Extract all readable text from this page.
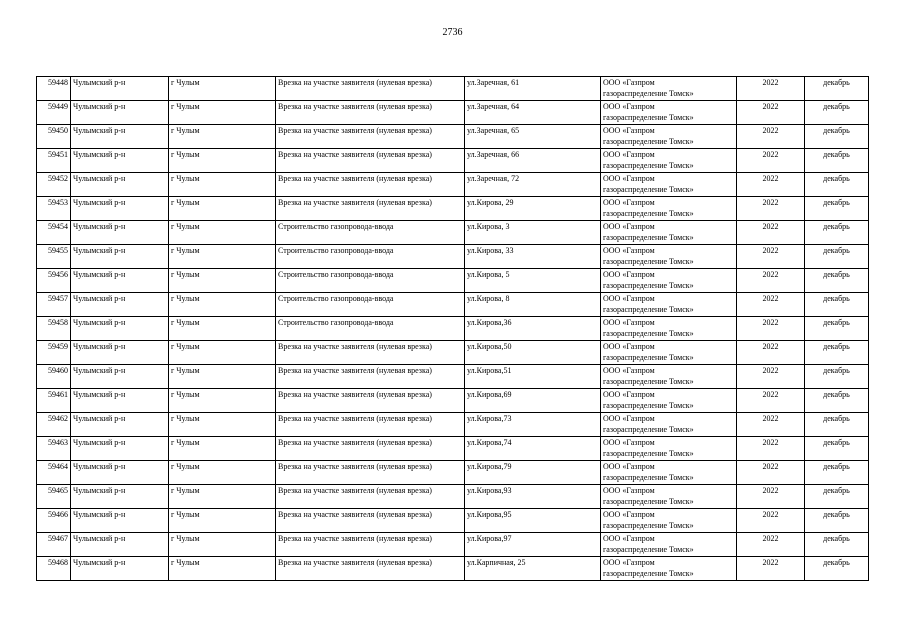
2736
59448	Чулымский р-н	г Чулым	Врезка на участке заявителя (нулевая врезка)	ул.Заречная, 61	ООО «Газпром
газораспределение Томск»	2022	декабрь
59449	Чулымский р-н	г Чулым	Врезка на участке заявителя (нулевая врезка)	ул.Заречная, 64	ООО «Газпром
газораспределение Томск»	2022	декабрь
59450	Чулымский р-н	г Чулым	Врезка на участке заявителя (нулевая врезка)	ул.Заречная, 65	ООО «Газпром
газораспределение Томск»	2022	декабрь
59451	Чулымский р-н	г Чулым	Врезка на участке заявителя (нулевая врезка)	ул.Заречная, 66	ООО «Газпром
газораспределение Томск»	2022	декабрь
59452	Чулымский р-н	г Чулым	Врезка на участке заявителя (нулевая врезка)	ул.Заречная, 72	ООО «Газпром
газораспределение Томск»	2022	декабрь
59453	Чулымский р-н	г Чулым	Врезка на участке заявителя (нулевая врезка)	ул.Кирова, 29	ООО «Газпром
газораспределение Томск»	2022	декабрь
59454	Чулымский р-н	г Чулым	Строительство газопровода-ввода	ул.Кирова, 3	ООО «Газпром
газораспределение Томск»	2022	декабрь
59455	Чулымский р-н	г Чулым	Строительство газопровода-ввода	ул.Кирова, 33	ООО «Газпром
газораспределение Томск»	2022	декабрь
59456	Чулымский р-н	г Чулым	Строительство газопровода-ввода	ул.Кирова, 5	ООО «Газпром
газораспределение Томск»	2022	декабрь
59457	Чулымский р-н	г Чулым	Строительство газопровода-ввода	ул.Кирова, 8	ООО «Газпром
газораспределение Томск»	2022	декабрь
59458	Чулымский р-н	г Чулым	Строительство газопровода-ввода	ул.Кирова,36	ООО «Газпром
газораспределение Томск»	2022	декабрь
59459	Чулымский р-н	г Чулым	Врезка на участке заявителя (нулевая врезка)	ул.Кирова,50	ООО «Газпром
газораспределение Томск»	2022	декабрь
59460	Чулымский р-н	г Чулым	Врезка на участке заявителя (нулевая врезка)	ул.Кирова,51	ООО «Газпром
газораспределение Томск»	2022	декабрь
59461	Чулымский р-н	г Чулым	Врезка на участке заявителя (нулевая врезка)	ул.Кирова,69	ООО «Газпром
газораспределение Томск»	2022	декабрь
59462	Чулымский р-н	г Чулым	Врезка на участке заявителя (нулевая врезка)	ул.Кирова,73	ООО «Газпром
газораспределение Томск»	2022	декабрь
59463	Чулымский р-н	г Чулым	Врезка на участке заявителя (нулевая врезка)	ул.Кирова,74	ООО «Газпром
газораспределение Томск»	2022	декабрь
59464	Чулымский р-н	г Чулым	Врезка на участке заявителя (нулевая врезка)	ул.Кирова,79	ООО «Газпром
газораспределение Томск»	2022	декабрь
59465	Чулымский р-н	г Чулым	Врезка на участке заявителя (нулевая врезка)	ул.Кирова,93	ООО «Газпром
газораспределение Томск»	2022	декабрь
59466	Чулымский р-н	г Чулым	Врезка на участке заявителя (нулевая врезка)	ул.Кирова,95	ООО «Газпром
газораспределение Томск»	2022	декабрь
59467	Чулымский р-н	г Чулым	Врезка на участке заявителя (нулевая врезка)	ул.Кирова,97	ООО «Газпром
газораспределение Томск»	2022	декабрь
59468	Чулымский р-н	г Чулым	Врезка на участке заявителя (нулевая врезка)	ул.Карпичная, 25	ООО «Газпром
газораспределение Томск»	2022	декабрь
